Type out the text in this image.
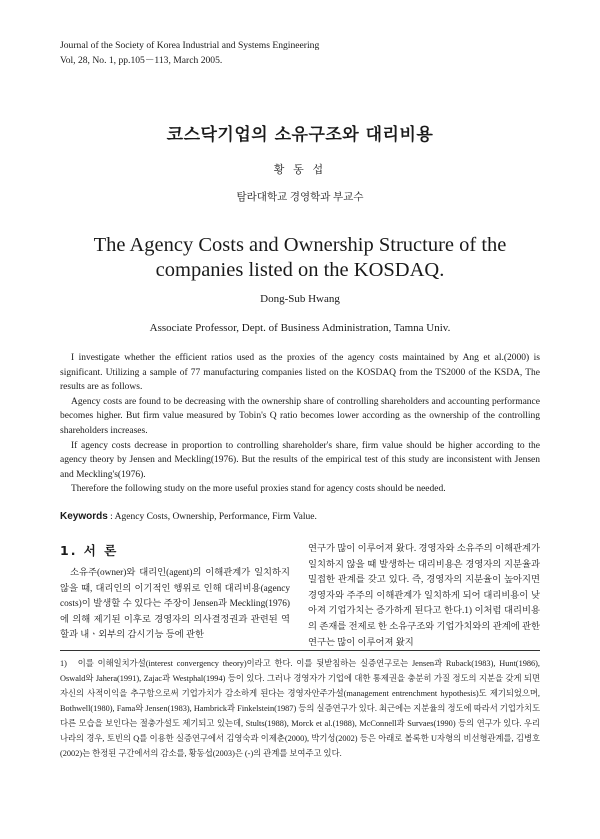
Journal of the Society of Korea Industrial and Systems Engineering
Vol, 28, No. 1, pp.105－113, March 2005.
코스닥기업의 소유구조와 대리비용
황 동 섭
탐라대학교 경영학과 부교수
The Agency Costs and Ownership Structure of the companies listed on the KOSDAQ.
Dong-Sub Hwang
Associate Professor, Dept. of Business Administration, Tamna Univ.

I investigate whether the efficient ratios used as the proxies of the agency costs maintained by Ang et al.(2000) is significant. Utilizing a sample of 77 manufacturing companies listed on the KOSDAQ from the TS2000 of the KSDA, The results are as follows.

Agency costs are found to be decreasing with the ownership share of controlling shareholders and accounting performance becomes higher. But firm value measured by Tobin's Q ratio becomes lower according as the ownership of the controlling shareholders increases.

If agency costs decrease in proportion to controlling shareholder's share, firm value should be higher according to the agency theory by Jensen and Meckling(1976). But the results of the empirical test of this study are inconsistent with Jensen and Meckling's(1976).

Therefore the following study on the more useful proxies stand for agency costs should be needed.

Keywords : Agency Costs, Ownership, Performance, Firm Value.
1. 서 론

소유주(owner)와 대리인(agent)의 이해관계가 일치하지 않을 때, 대리인의 이기적인 행위로 인해 대리비용(agency costs)이 발생할 수 있다는 주장이 Jensen과 Meckling(1976)에 의해 제기된 이후로 경영자의 의사결정권과 관련된 역할과 내ㆍ외부의 감시기능 등에 관한

연구가 많이 이루어져 왔다. 경영자와 소유주의 이해관계가 일치하지 않을 때 발생하는 대리비용은 경영자의 지분율과 밀접한 관계를 갖고 있다. 즉, 경영자의 지분율이 높아지면 경영자와 주주의 이해관계가 일치하게 되어 대리비용이 낮아져 기업가치는 증가하게 된다고 한다.1) 이처럼 대리비용의 존재를 전제로 한 소유구조와 기업가치와의 관계에 관한 연구는 많이 이루어져 왔지

1) 이를 이해일치가설(interest convergency theory)이라고 한다. 이를 뒷받침하는 실증연구로는 Jensen과 Ruback(1983), Hunt(1986), Oswald와 Jahera(1991), Zajac과 Westphal(1994) 등이 있다. 그러나 경영자가 기업에 대한 통제권을 충분히 가질 정도의 지분을 갖게 되면 자신의 사적이익을 추구함으로써 기업가치가 감소하게 된다는 경영자안주가설(management entrenchment hypothesis)도 제기되었으며, Bothwell(1980), Fama와 Jensen(1983), Hambrick과 Finkelstein(1987) 등의 실증연구가 있다. 최근에는 지분율의 정도에 따라서 기업가치도 다른 모습을 보인다는 절충가설도 제기되고 있는데, Stults(1988), Morck et al.(1988), McConnell과 Survaes(1990) 등의 연구가 있다. 우리나라의 경우, 토빈의 Q를 이용한 실증연구에서 김영숙과 이제춘(2000), 박기성(2002) 등은 아래로 볼록한 U자형의 비선형관계를, 김병호(2002)는 한정된 구간에서의 감소를, 황동섭(2003)은 (-)의 관계를 보여주고 있다.
